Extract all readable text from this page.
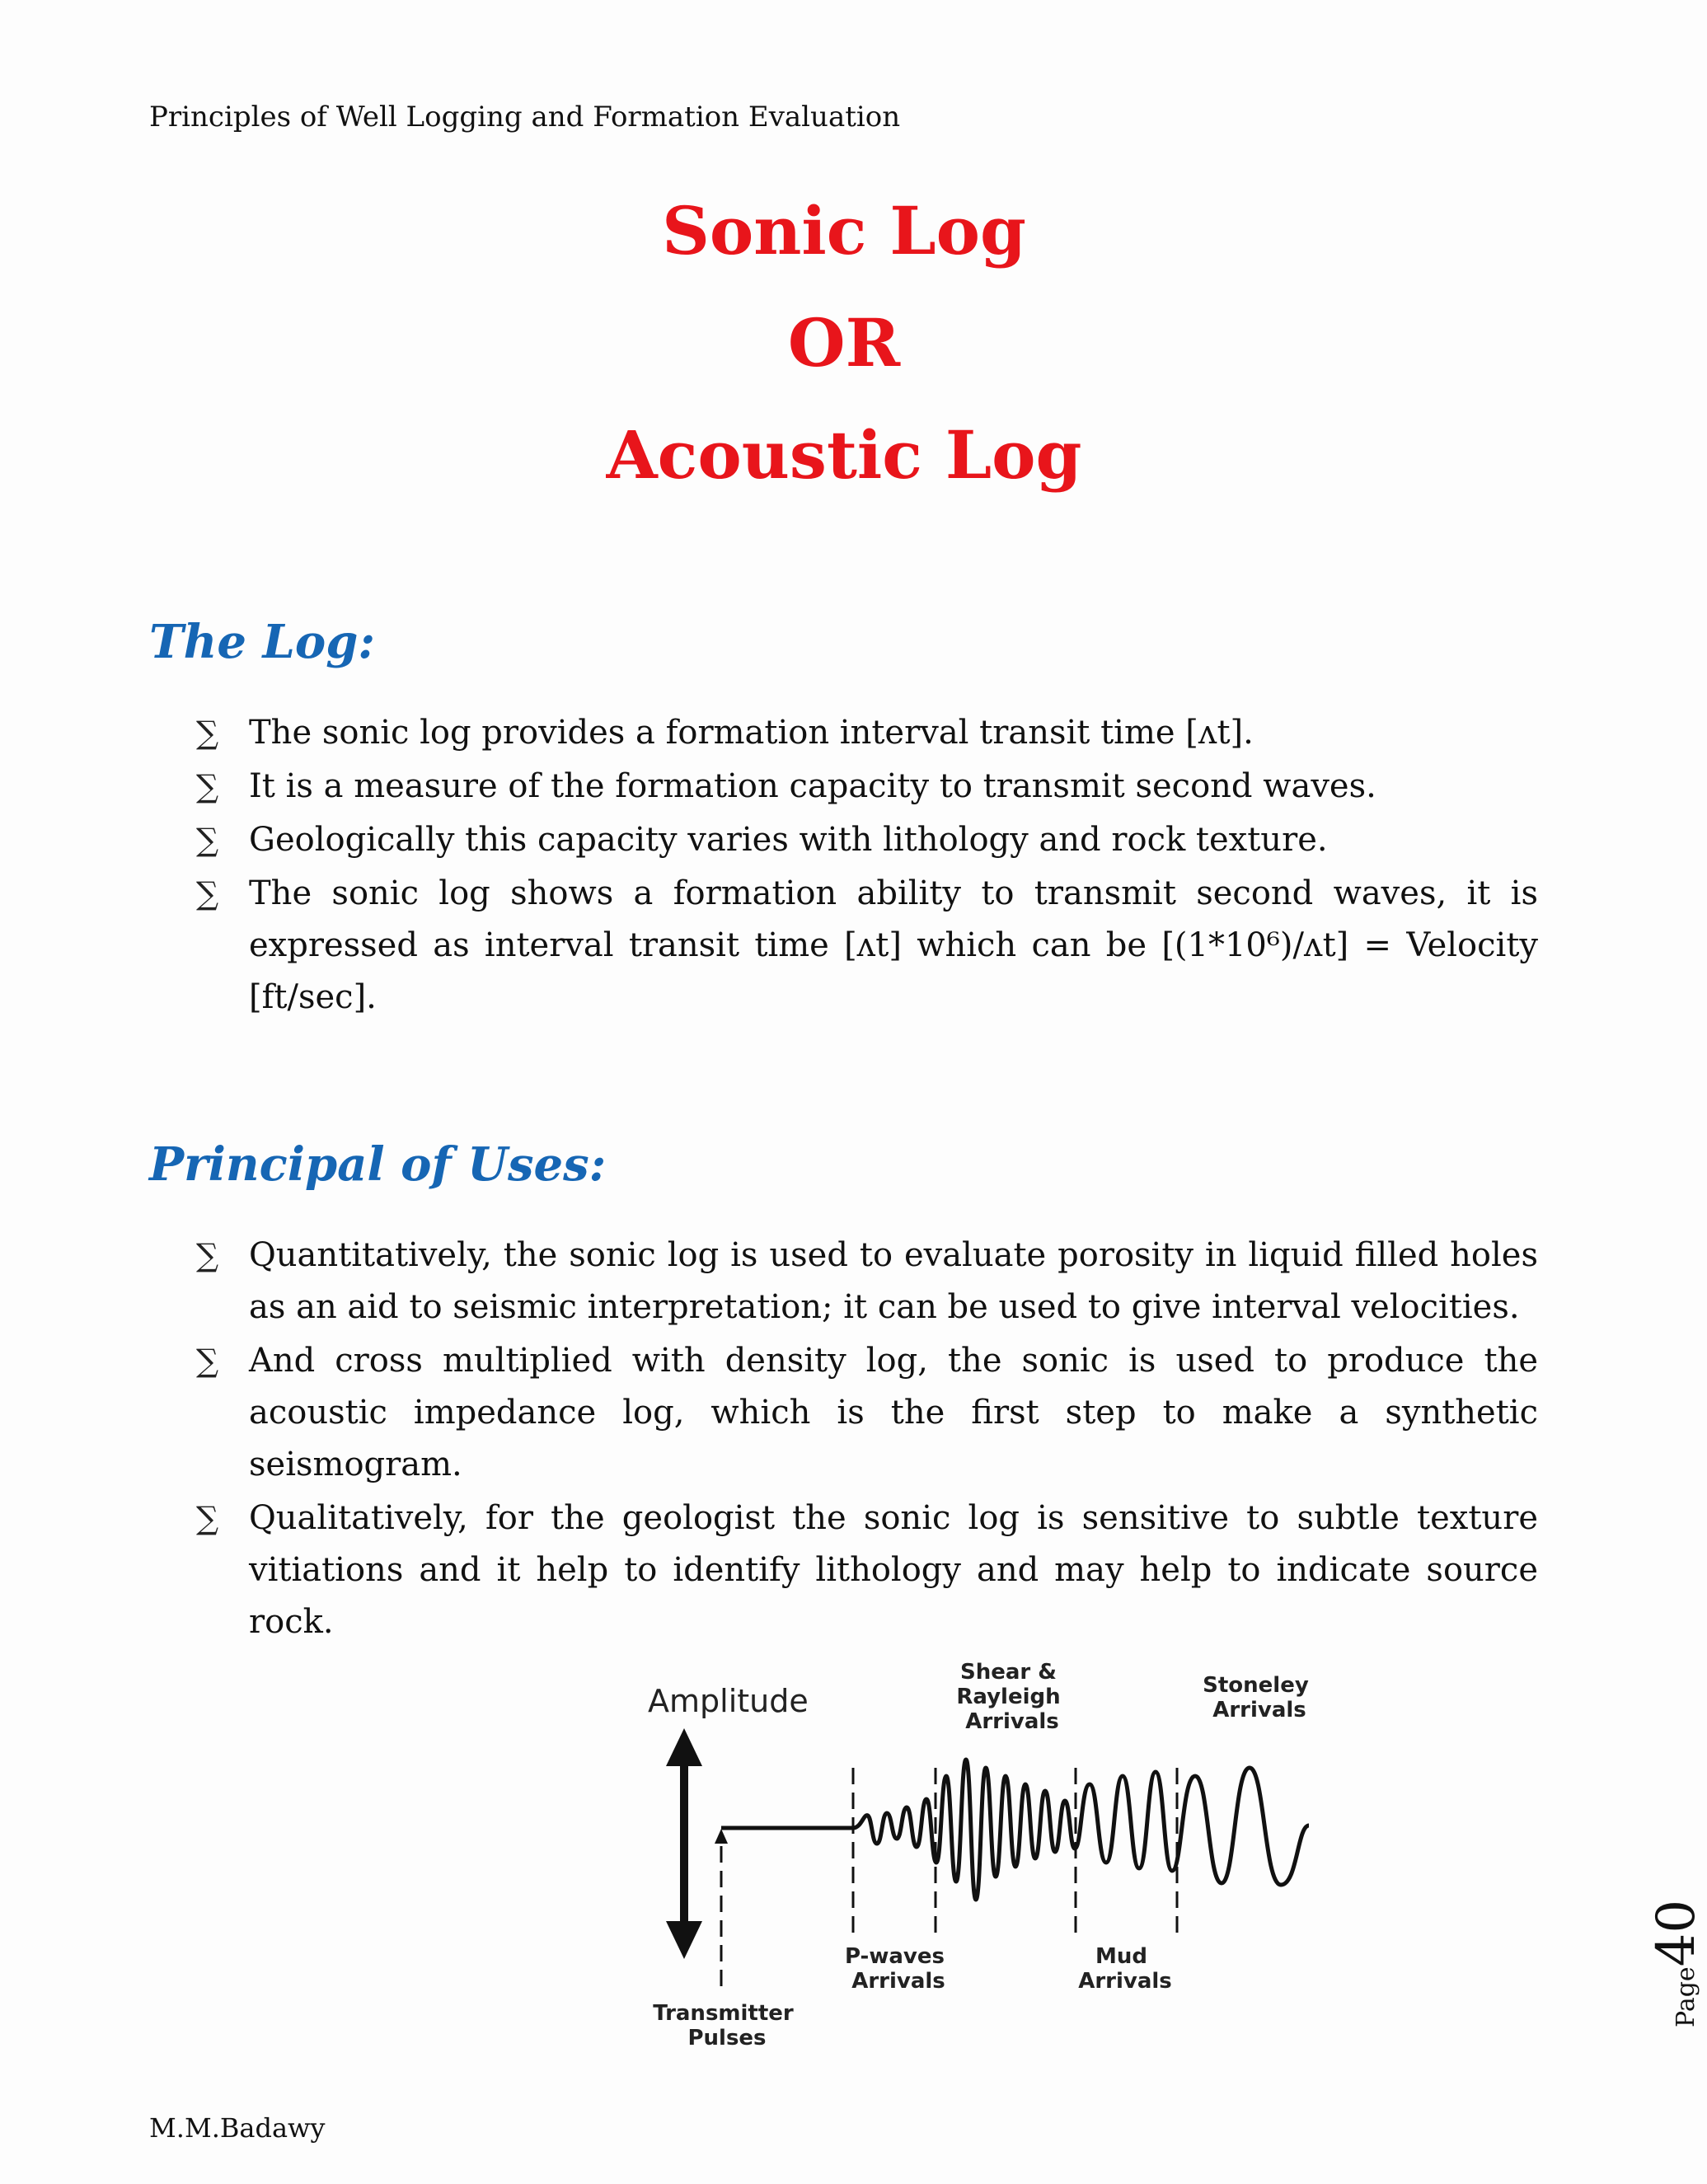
Principles of Well Logging and Formation Evaluation
Sonic Log
OR
Acoustic Log
The Log:
∑ The sonic log provides a formation interval transit time [ʌt].
∑ It is a measure of the formation capacity to transmit second waves.
∑ Geologically this capacity varies with lithology and rock texture.
∑ The sonic log shows a formation ability to transmit second waves, it is expressed as interval transit time [ʌt] which can be [(1*10⁶)/ʌt] = Velocity [ft/sec].
Principal of Uses:
∑ Quantitatively, the sonic log is used to evaluate porosity in liquid filled holes as an aid to seismic interpretation; it can be used to give interval velocities.
∑ And cross multiplied with density log, the sonic is used to produce the acoustic impedance log, which is the first step to make a synthetic seismogram.
∑ Qualitatively, for the geologist the sonic log is sensitive to subtle texture vitiations and it help to identify lithology and may help to indicate source rock.
Amplitude
Shear & Rayleigh Arrivals
Stoneley Arrivals
P-waves Arrivals
Mud Arrivals
Transmitter Pulses
Page40
M.M.Badawy
